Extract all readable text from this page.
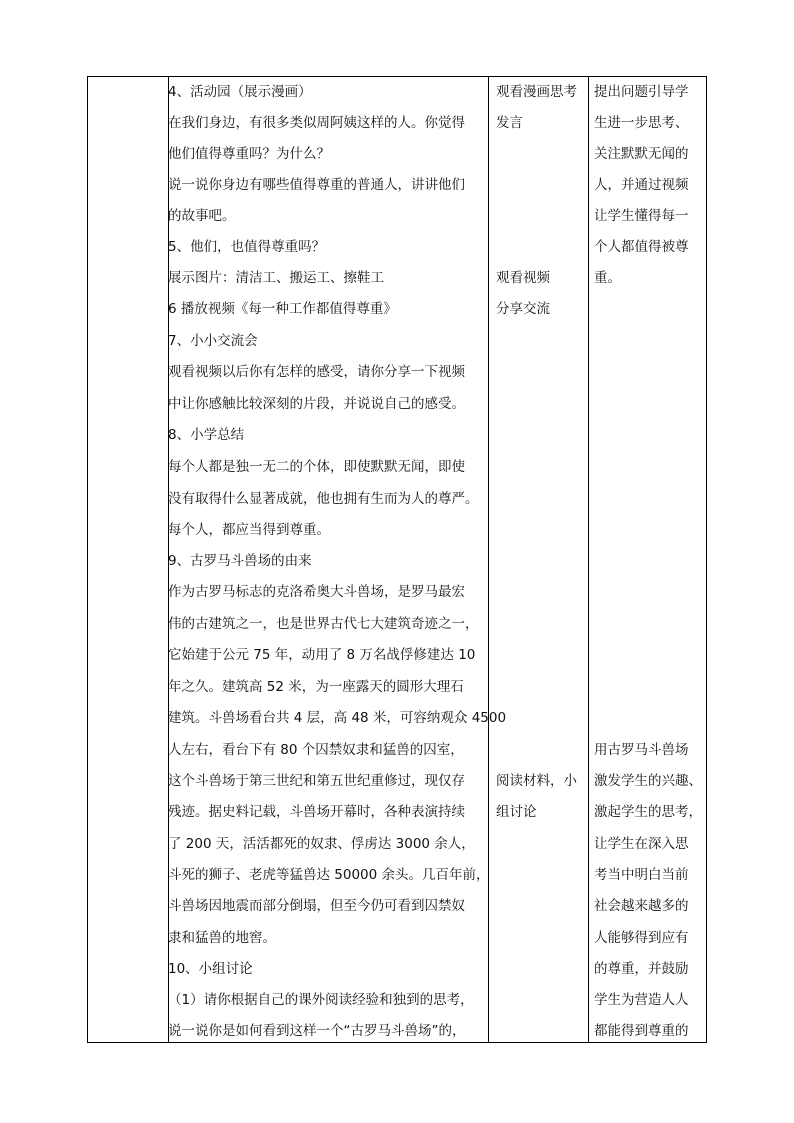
4、活动园（展示漫画）
在我们身边，有很多类似周阿姨这样的人。你觉得
他们值得尊重吗？为什么？
说一说你身边有哪些值得尊重的普通人，讲讲他们
的故事吧。
5、他们，也值得尊重吗？
展示图片：清洁工、搬运工、擦鞋工
6 播放视频《每一种工作都值得尊重》
7、小小交流会
观看视频以后你有怎样的感受，请你分享一下视频
中让你感触比较深刻的片段，并说说自己的感受。
8、小学总结
每个人都是独一无二的个体，即使默默无闻，即使
没有取得什么显著成就，他也拥有生而为人的尊严。
每个人，都应当得到尊重。
9、古罗马斗兽场的由来
作为古罗马标志的克洛希奥大斗兽场，是罗马最宏
伟的古建筑之一，也是世界古代七大建筑奇迹之一，
它始建于公元 75 年，动用了 8 万名战俘修建达 10
年之久。建筑高 52 米，为一座露天的圆形大理石
建筑。斗兽场看台共 4 层，高 48 米，可容纳观众 4500
人左右，看台下有 80 个囚禁奴隶和猛兽的囚室，
这个斗兽场于第三世纪和第五世纪重修过，现仅存
残迹。据史料记载，斗兽场开幕时，各种表演持续
了 200 天，活活都死的奴隶、俘虏达 3000 余人，
斗死的狮子、老虎等猛兽达 50000 余头。几百年前，
斗兽场因地震而部分倒塌，但至今仍可看到囚禁奴
隶和猛兽的地窖。
10、小组讨论
（1）请你根据自己的课外阅读经验和独到的思考，
说一说你是如何看到这样一个“古罗马斗兽场”的，
观看漫画思考
发言
观看视频
分享交流
阅读材料，小
组讨论
提出问题引导学
生进一步思考、
关注默默无闻的
人，并通过视频
让学生懂得每一
个人都值得被尊
重。
用古罗马斗兽场
激发学生的兴趣、
激起学生的思考，
让学生在深入思
考当中明白当前
社会越来越多的
人能够得到应有
的尊重，并鼓励
学生为营造人人
都能得到尊重的
